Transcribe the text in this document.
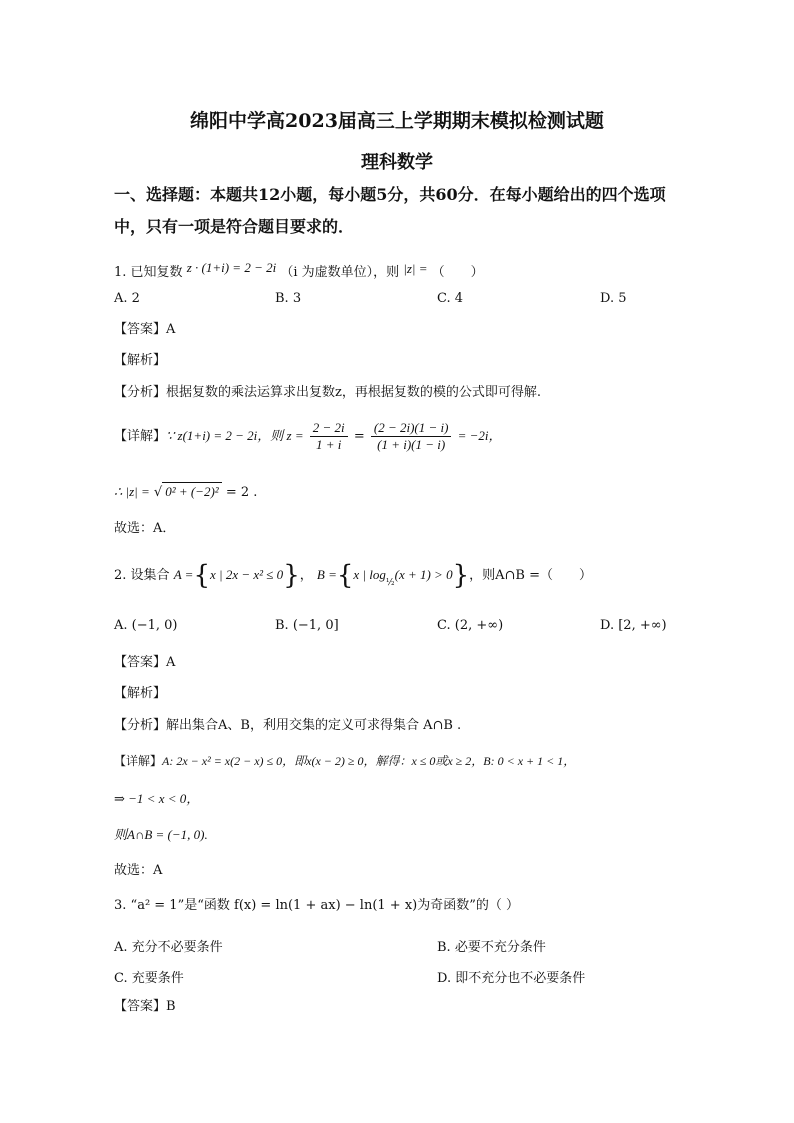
绵阳中学高2023届高三上学期期末模拟检测试题
理科数学
一、选择题：本题共12小题，每小题5分，共60分．在每小题给出的四个选项
中，只有一项是符合题目要求的．
1. 已知复数 z · (1+i) = 2 − 2i （i 为虚数单位），则 |z| = （　　）
A. 2	B. 3	C. 4	D. 5
【答案】A
【解析】
【分析】根据复数的乘法运算求出复数z，再根据复数的模的公式即可得解.
【详解】∵ z(1+i) = 2 − 2i，则 $z = \frac{2 - 2i}{1 + i} = \frac{(2 - 2i)(1 - i)}{(1 + i)(1 - i)} = -2i$，
∴ |z| = √ 0² + (−2)² = 2 .
故选：A．
2. 设集合 A ={x | 2x − x² ≤ 0}， B ={x | $\log_{\frac{1}{2}}(x + 1) > 0$}，则A∩B =（　　）
A. (−1, 0)	B. (−1, 0]	C. (2, +∞)	D. [2, +∞)
【答案】A
【解析】
【分析】解出集合A、B，利用交集的定义可求得集合 A∩B .
【详解】A: 2x − x² = x(2 − x) ≤ 0，即x(x − 2) ≥ 0，解得：x ≤ 0或x ≥ 2，B: 0 < x + 1 < 1，
⇒ −1 < x < 0，
则A∩B = (−1, 0).
故选：A
3. “a² = 1”是“函数 f(x) = ln(1 + ax) − ln(1 + x)为奇函数”的（ ）
A. 充分不必要条件	B. 必要不充分条件
C. 充要条件	D. 即不充分也不必要条件
【答案】B
